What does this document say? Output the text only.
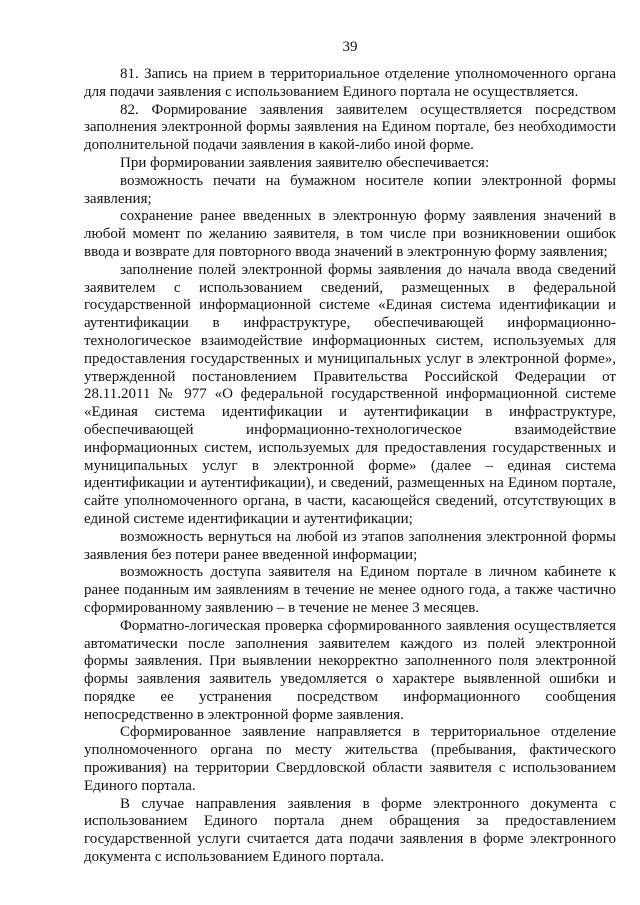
39

81. Запись на прием в территориальное отделение уполномоченного органа для подачи заявления с использованием Единого портала не осуществляется.

82. Формирование заявления заявителем осуществляется посредством заполнения электронной формы заявления на Едином портале, без необходимости дополнительной подачи заявления в какой-либо иной форме.

При формировании заявления заявителю обеспечивается:

возможность печати на бумажном носителе копии электронной формы заявления;

сохранение ранее введенных в электронную форму заявления значений в любой момент по желанию заявителя, в том числе при возникновении ошибок ввода и возврате для повторного ввода значений в электронную форму заявления;

заполнение полей электронной формы заявления до начала ввода сведений заявителем с использованием сведений, размещенных в федеральной государственной информационной системе «Единая система идентификации и аутентификации в инфраструктуре, обеспечивающей информационно-технологическое взаимодействие информационных систем, используемых для предоставления государственных и муниципальных услуг в электронной форме», утвержденной постановлением Правительства Российской Федерации от 28.11.2011 № 977 «О федеральной государственной информационной системе «Единая система идентификации и аутентификации в инфраструктуре, обеспечивающей информационно-технологическое взаимодействие информационных систем, используемых для предоставления государственных и муниципальных услуг в электронной форме» (далее – единая система идентификации и аутентификации), и сведений, размещенных на Едином портале, сайте уполномоченного органа, в части, касающейся сведений, отсутствующих в единой системе идентификации и аутентификации;

возможность вернуться на любой из этапов заполнения электронной формы заявления без потери ранее введенной информации;

возможность доступа заявителя на Едином портале в личном кабинете к ранее поданным им заявлениям в течение не менее одного года, а также частично сформированному заявлению – в течение не менее 3 месяцев.

Форматно-логическая проверка сформированного заявления осуществляется автоматически после заполнения заявителем каждого из полей электронной формы заявления. При выявлении некорректно заполненного поля электронной формы заявления заявитель уведомляется о характере выявленной ошибки и порядке ее устранения посредством информационного сообщения непосредственно в электронной форме заявления.

Сформированное заявление направляется в территориальное отделение уполномоченного органа по месту жительства (пребывания, фактического проживания) на территории Свердловской области заявителя с использованием Единого портала.

В случае направления заявления в форме электронного документа с использованием Единого портала днем обращения за предоставлением государственной услуги считается дата подачи заявления в форме электронного документа с использованием Единого портала.
